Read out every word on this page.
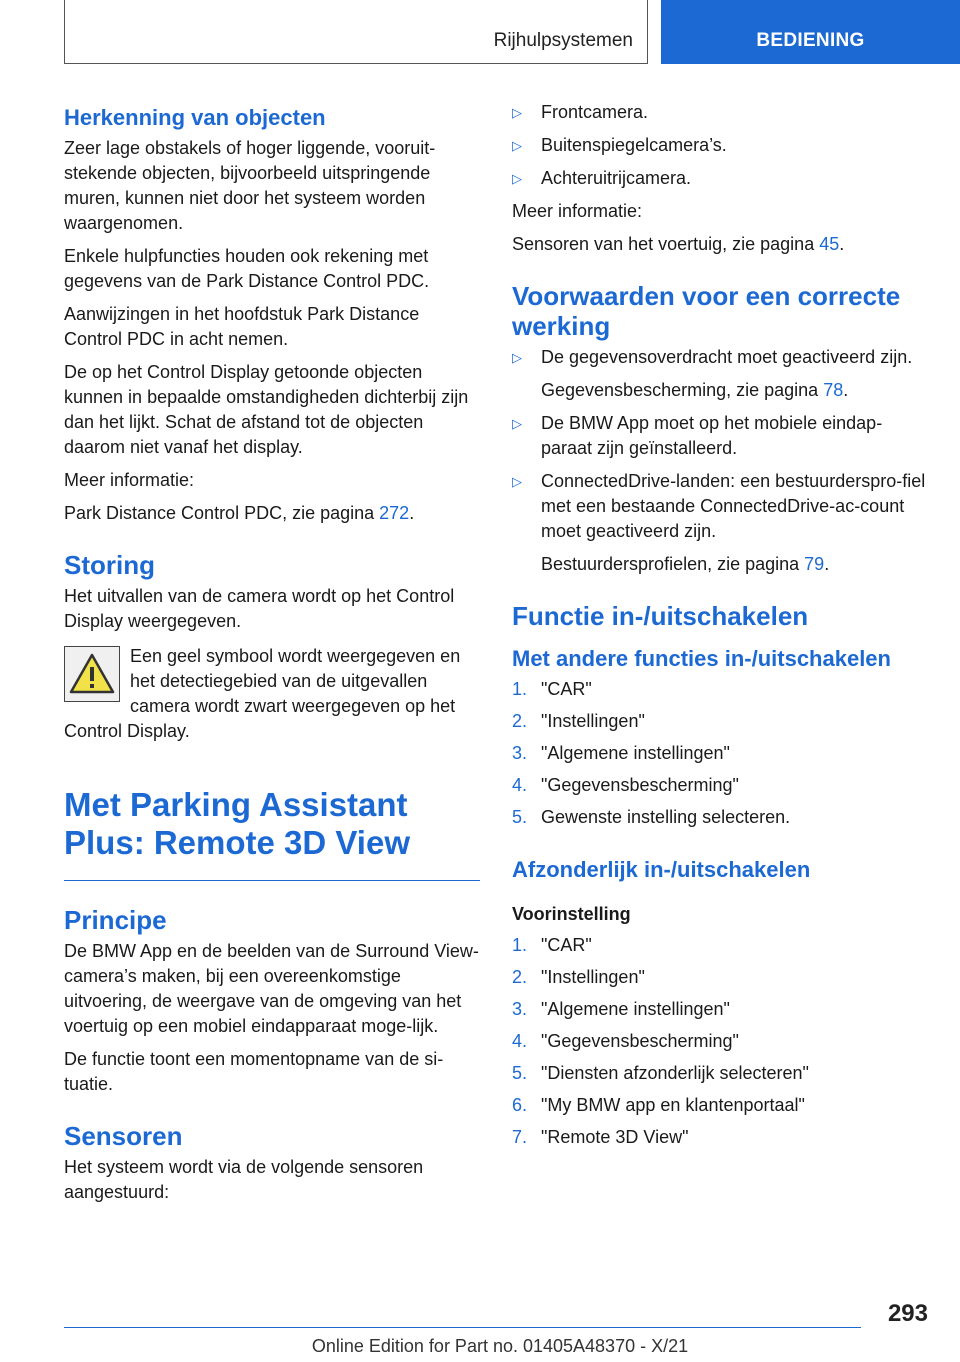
Rijhulpsystemen	BEDIENING
Herkenning van objecten

Zeer lage obstakels of hoger liggende, vooruit-stekende objecten, bijvoorbeeld uitspringende muren, kunnen niet door het systeem worden waargenomen.

Enkele hulpfuncties houden ook rekening met gegevens van de Park Distance Control PDC.

Aanwijzingen in het hoofdstuk Park Distance Control PDC in acht nemen.

De op het Control Display getoonde objecten kunnen in bepaalde omstandigheden dichterbij zijn dan het lijkt. Schat de afstand tot de objecten daarom niet vanaf het display.

Meer informatie:

Park Distance Control PDC, zie pagina 272.

Storing

Het uitvallen van de camera wordt op het Control Display weergegeven.

Een geel symbool wordt weergegeven en het detectiegebied van de uitgevallen camera wordt zwart weergegeven op het Control Display.

Met Parking Assistant Plus: Remote 3D View
Principe

De BMW App en de beelden van de Surround View-camera’s maken, bij een overeenkomstige uitvoering, de weergave van de omgeving van het voertuig op een mobiel eindapparaat moge-lijk.

De functie toont een momentopname van de si-tuatie.

Sensoren

Het systeem wordt via de volgende sensoren aangestuurd:

▷	Frontcamera.
▷	Buitenspiegelcamera’s.
▷	Achteruitrijcamera.

Meer informatie:

Sensoren van het voertuig, zie pagina 45.

Voorwaarden voor een correcte werking
▷	De gegevensoverdracht moet geactiveerd zijn.

Gegevensbescherming, zie pagina 78.

▷	De BMW App moet op het mobiele eindap-paraat zijn geïnstalleerd.
▷	ConnectedDrive-landen: een bestuurderspro-fiel met een bestaande ConnectedDrive-ac-count moet geactiveerd zijn.

Bestuurdersprofielen, zie pagina 79.

Functie in-/uitschakelen
Met andere functies in-/uitschakelen
1. "CAR"
2. "Instellingen"
3. "Algemene instellingen"
4. "Gegevensbescherming"
5. Gewenste instelling selecteren.
Afzonderlijk in-/uitschakelen
Voorinstelling
1. "CAR"
2. "Instellingen"
3. "Algemene instellingen"
4. "Gegevensbescherming"
5. "Diensten afzonderlijk selecteren"
6. "My BMW app en klantenportaal"
7. "Remote 3D View"
293
Online Edition for Part no. 01405A48370 - X/21
